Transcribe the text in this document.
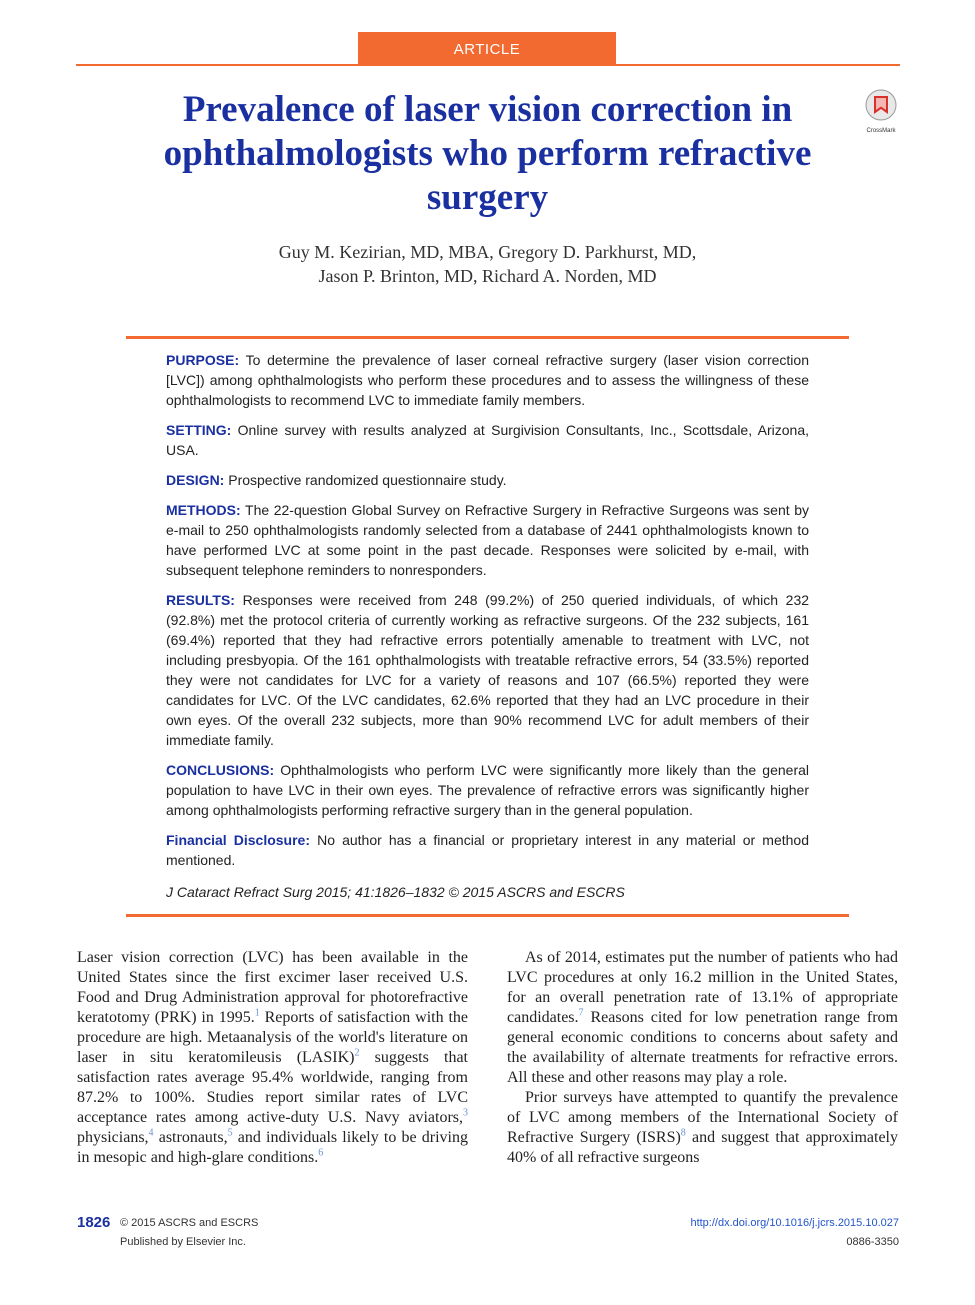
ARTICLE
Prevalence of laser vision correction in ophthalmologists who perform refractive surgery
CrossMark
Guy M. Kezirian, MD, MBA, Gregory D. Parkhurst, MD,
Jason P. Brinton, MD, Richard A. Norden, MD

PURPOSE: To determine the prevalence of laser corneal refractive surgery (laser vision correction [LVC]) among ophthalmologists who perform these procedures and to assess the willingness of these ophthalmologists to recommend LVC to immediate family members.

SETTING: Online survey with results analyzed at Surgivision Consultants, Inc., Scottsdale, Arizona, USA.

DESIGN: Prospective randomized questionnaire study.

METHODS: The 22-question Global Survey on Refractive Surgery in Refractive Surgeons was sent by e-mail to 250 ophthalmologists randomly selected from a database of 2441 ophthalmologists known to have performed LVC at some point in the past decade. Responses were solicited by e-mail, with subsequent telephone reminders to nonresponders.

RESULTS: Responses were received from 248 (99.2%) of 250 queried individuals, of which 232 (92.8%) met the protocol criteria of currently working as refractive surgeons. Of the 232 subjects, 161 (69.4%) reported that they had refractive errors potentially amenable to treatment with LVC, not including presbyopia. Of the 161 ophthalmologists with treatable refractive errors, 54 (33.5%) reported they were not candidates for LVC for a variety of reasons and 107 (66.5%) reported they were candidates for LVC. Of the LVC candidates, 62.6% reported that they had an LVC procedure in their own eyes. Of the overall 232 subjects, more than 90% recommend LVC for adult members of their immediate family.

CONCLUSIONS: Ophthalmologists who perform LVC were significantly more likely than the general population to have LVC in their own eyes. The prevalence of refractive errors was significantly higher among ophthalmologists performing refractive surgery than in the general population.

Financial Disclosure: No author has a financial or proprietary interest in any material or method mentioned.

J Cataract Refract Surg 2015; 41:1826–1832 © 2015 ASCRS and ESCRS

Laser vision correction (LVC) has been available in the United States since the first excimer laser received U.S. Food and Drug Administration approval for photorefractive keratotomy (PRK) in 1995.$^1$ Reports of satisfaction with the procedure are high. Metaanalysis of the world's literature on laser in situ keratomileusis (LASIK)$^2$ suggests that satisfaction rates average 95.4% worldwide, ranging from 87.2% to 100%. Studies report similar rates of LVC acceptance rates among active-duty U.S. Navy aviators,$^3$ physicians,$^4$ astronauts,$^5$ and individuals likely to be driving in mesopic and high-glare conditions.$^6$

As of 2014, estimates put the number of patients who had LVC procedures at only 16.2 million in the United States, for an overall penetration rate of 13.1% of appropriate candidates.$^7$ Reasons cited for low penetration range from general economic conditions to concerns about safety and the availability of alternate treatments for refractive errors. All these and other reasons may play a role.

Prior surveys have attempted to quantify the prevalence of LVC among members of the International Society of Refractive Surgery (ISRS)$^8$ and suggest that approximately 40% of all refractive surgeons

1826 © 2015 ASCRS and ESCRS
Published by Elsevier Inc.
http://dx.doi.org/10.1016/j.jcrs.2015.10.027
0886-3350
